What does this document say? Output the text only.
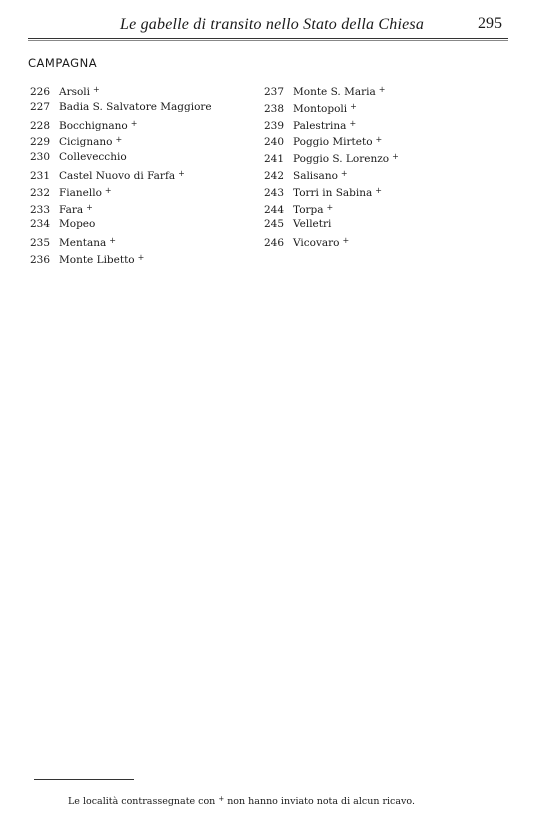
Le gabelle di transito nello Stato della Chiesa	295
CAMPAGNA
226 Arsoli +
227 Badia S. Salvatore Maggiore
228 Bocchignano +
229 Cicignano +
230 Collevecchio
231 Castel Nuovo di Farfa +
232 Fianello +
233 Fara +
234 Mopeo
235 Mentana +
236 Monte Libetto +
237 Monte S. Maria +
238 Montopoli +
239 Palestrina +
240 Poggio Mirteto +
241 Poggio S. Lorenzo +
242 Salisano +
243 Torri in Sabina +
244 Torpa +
245 Velletri
246 Vicovaro +
Le località contrassegnate con + non hanno inviato nota di alcun ricavo.
